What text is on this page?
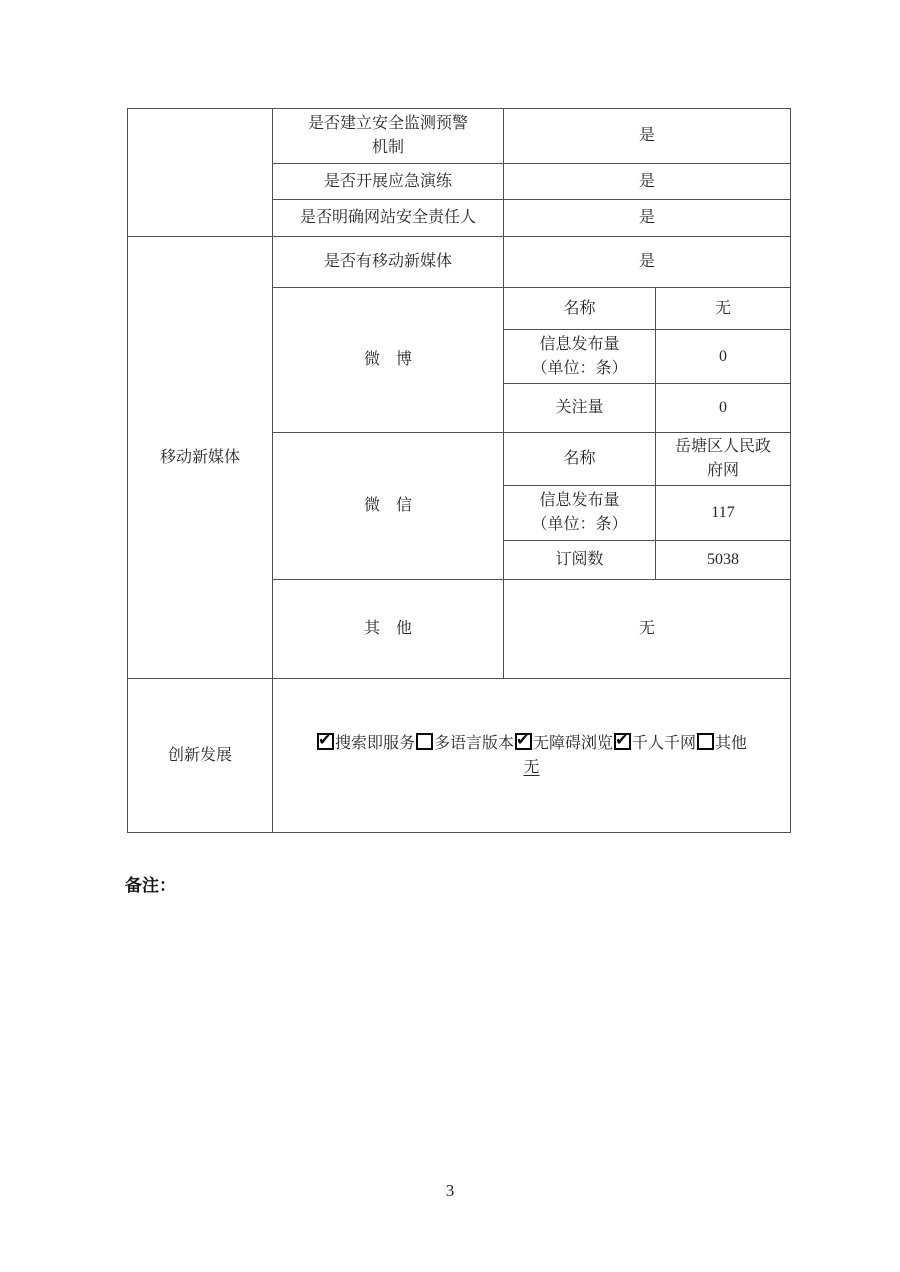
	是否建立安全监测预警
机制	是	
	是否开展应急演练	是	
	是否明确网站安全责任人	是	
移动新媒体	是否有移动新媒体	是	
	微　博	名称	无

		信息发布量
（单位：条）	0
		关注量	0
	微　信	名称	岳塘区人民政
府网

		信息发布量
（单位：条）	117
		订阅数	5038
	其　他	无	
创新发展	✔搜索即服务 多语言版本 ✔ 无障碍浏览 ✔ 千人千网 其他
无
备注：
3
